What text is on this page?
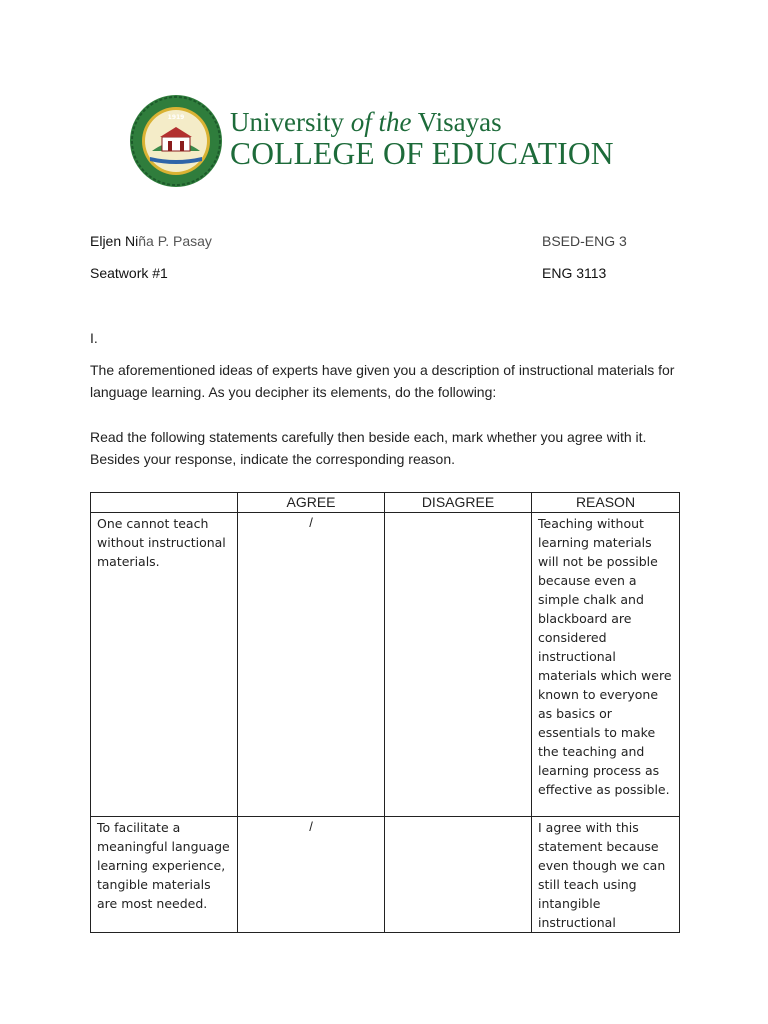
1919 University of the Visayas
COLLEGE OF EDUCATION
Eljen Niña P. Pasay	BSED-ENG 3
Seatwork #1	ENG 3113
I.
The aforementioned ideas of experts have given you a description of instructional materials for language learning. As you decipher its elements, do the following:
Read the following statements carefully then beside each, mark whether you agree with it. Besides your response, indicate the corresponding reason.
	AGREE	DISAGREE	REASON

One cannot teach without instructional materials.	/		Teaching without learning materials will not be possible because even a simple chalk and blackboard are considered instructional materials which were known to everyone as basics or essentials to make the teaching and learning process as effective as possible.

To facilitate a meaningful language learning experience, tangible materials are most needed.	/		I agree with this statement because even though we can still teach using intangible instructional
